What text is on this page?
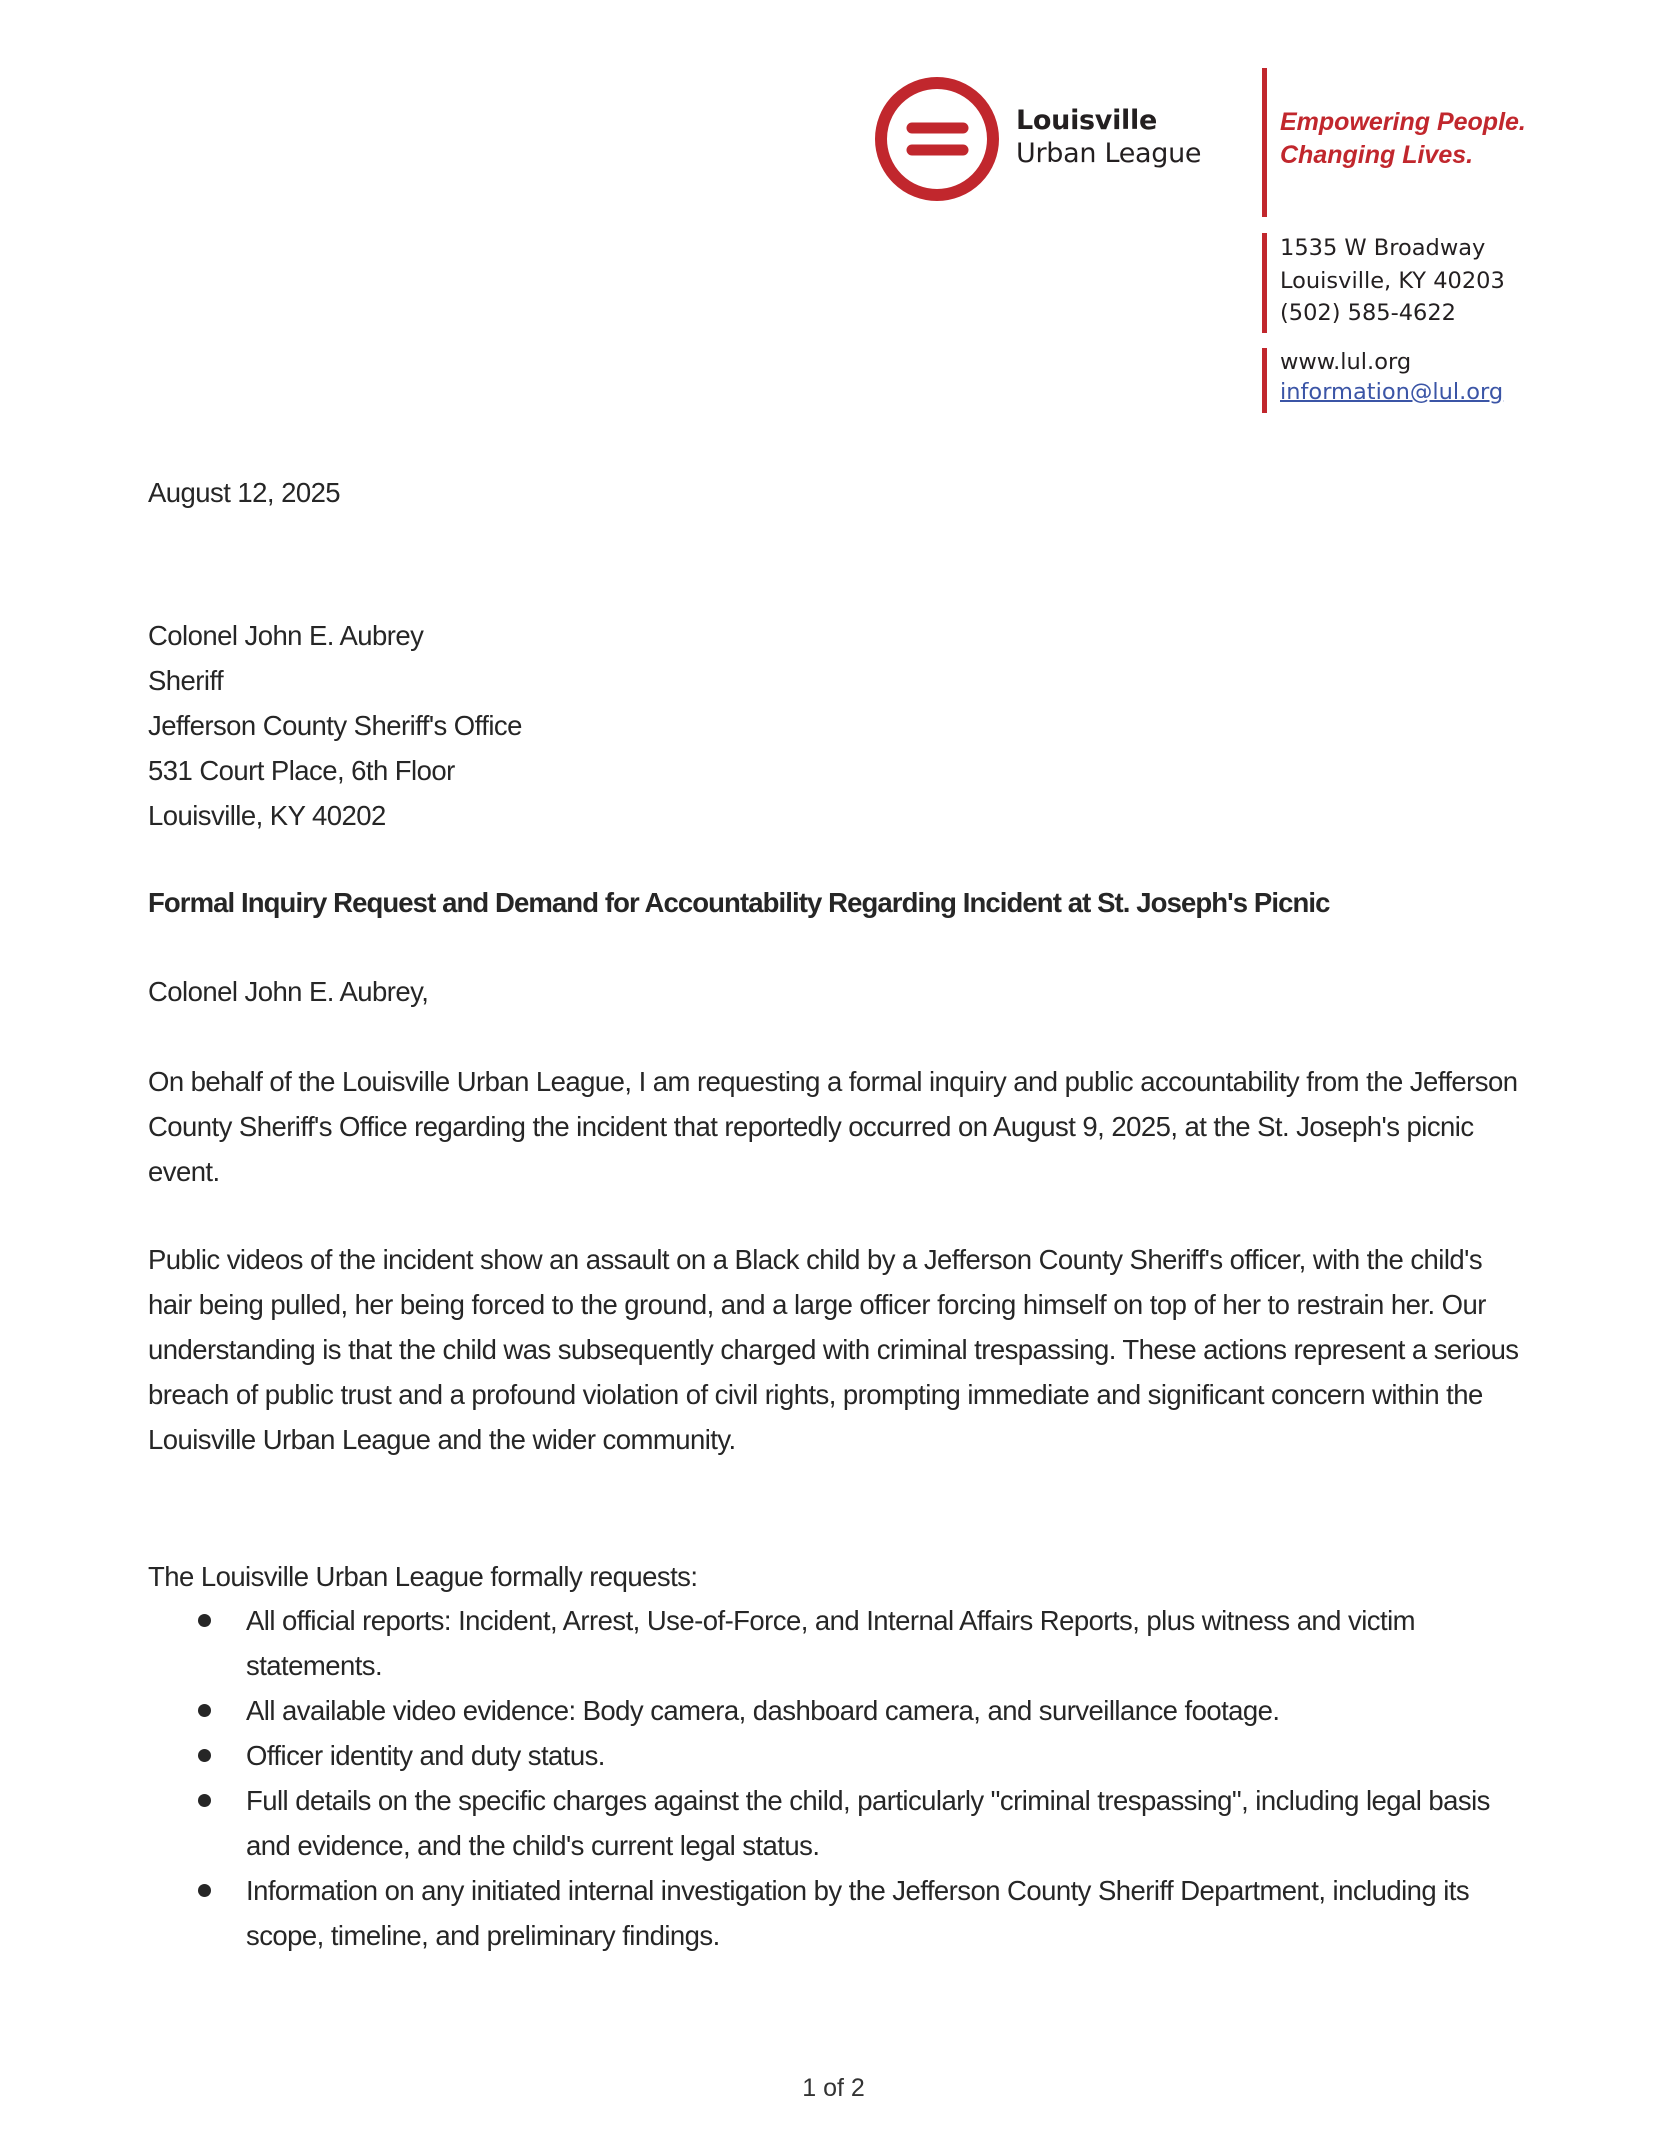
Louisville
Urban League
Empowering People.
Changing Lives.
1535 W Broadway
Louisville, KY 40203
(502) 585-4622
www.lul.org
information@lul.org
August 12, 2025
Colonel John E. Aubrey
Sheriff
Jefferson County Sheriff's Office
531 Court Place, 6th Floor
Louisville, KY 40202
Formal Inquiry Request and Demand for Accountability Regarding Incident at St. Joseph's Picnic
Colonel John E. Aubrey,
On behalf of the Louisville Urban League, I am requesting a formal inquiry and public accountability from the Jefferson County Sheriff's Office regarding the incident that reportedly occurred on August 9, 2025, at the St. Joseph's picnic event.
Public videos of the incident show an assault on a Black child by a Jefferson County Sheriff's officer, with the child's hair being pulled, her being forced to the ground, and a large officer forcing himself on top of her to restrain her. Our understanding is that the child was subsequently charged with criminal trespassing. These actions represent a serious breach of public trust and a profound violation of civil rights, prompting immediate and significant concern within the Louisville Urban League and the wider community.
The Louisville Urban League formally requests:
All official reports: Incident, Arrest, Use-of-Force, and Internal Affairs Reports, plus witness and victim statements.
All available video evidence: Body camera, dashboard camera, and surveillance footage.
Officer identity and duty status.
Full details on the specific charges against the child, particularly "criminal trespassing", including legal basis and evidence, and the child's current legal status.
Information on any initiated internal investigation by the Jefferson County Sheriff Department, including its scope, timeline, and preliminary findings.
1 of 2
